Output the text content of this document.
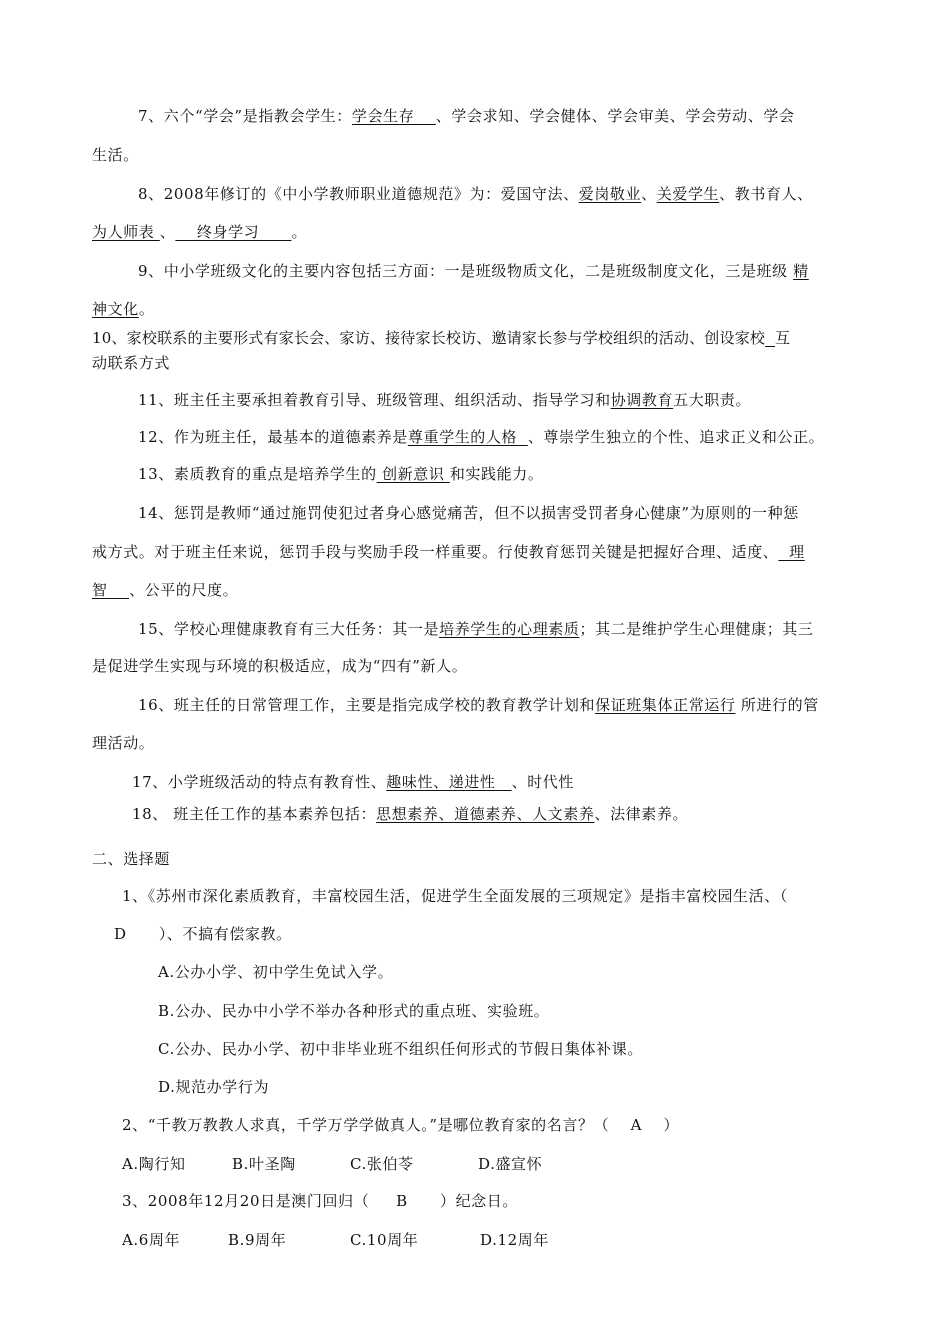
7、六个“学会”是指教会学生：学会生存    、学会求知、学会健体、学会审美、学会劳动、学会
生活。
8、2008年修订的《中小学教师职业道德规范》为：爱国守法、爱岗敬业、关爱学生、教书育人、
为人师表 、    终身学习      。
9、中小学班级文化的主要内容包括三方面：一是班级物质文化，二是班级制度文化，三是班级 精
神文化。
10、家校联系的主要形式有家长会、家访、接待家长校访、邀请家长参与学校组织的活动、创设家校 互
动联系方式
11、班主任主要承担着教育引导、班级管理、组织活动、指导学习和协调教育五大职责。
12、作为班主任，最基本的道德素养是尊重学生的人格  、尊崇学生独立的个性、追求正义和公正。
13、素质教育的重点是培养学生的 创新意识 和实践能力。
14、惩罚是教师“通过施罚使犯过者身心感觉痛苦，但不以损害受罚者身心健康”为原则的一种惩
戒方式。对于班主任来说，惩罚手段与奖励手段一样重要。行使教育惩罚关键是把握好合理、适度、  理
智    、公平的尺度。
15、学校心理健康教育有三大任务：其一是培养学生的心理素质；其二是维护学生心理健康；其三
是促进学生实现与环境的积极适应，成为“四有”新人。
16、班主任的日常管理工作，主要是指完成学校的教育教学计划和保证班集体正常运行 所进行的管
理活动。
17、小学班级活动的特点有教育性、趣味性、递进性   、时代性
18、 班主任工作的基本素养包括：思想素养、道德素养、人文素养、法律素养。
二、选择题
1、《苏州市深化素质教育，丰富校园生活，促进学生全面发展的三项规定》是指丰富校园生活、（
D      ）、不搞有偿家教。
A.公办小学、初中学生免试入学。
B.公办、民办中小学不举办各种形式的重点班、实验班。
C.公办、民办小学、初中非毕业班不组织任何形式的节假日集体补课。
D.规范办学行为
2、“千教万教教人求真，千学万学学做真人。”是哪位教育家的名言？（    A    ）
A.陶行知	B.叶圣陶	C.张伯苓	D.盛宣怀
3、2008年12月20日是澳门回归（     B      ）纪念日。
A.6周年	B.9周年	C.10周年	D.12周年
